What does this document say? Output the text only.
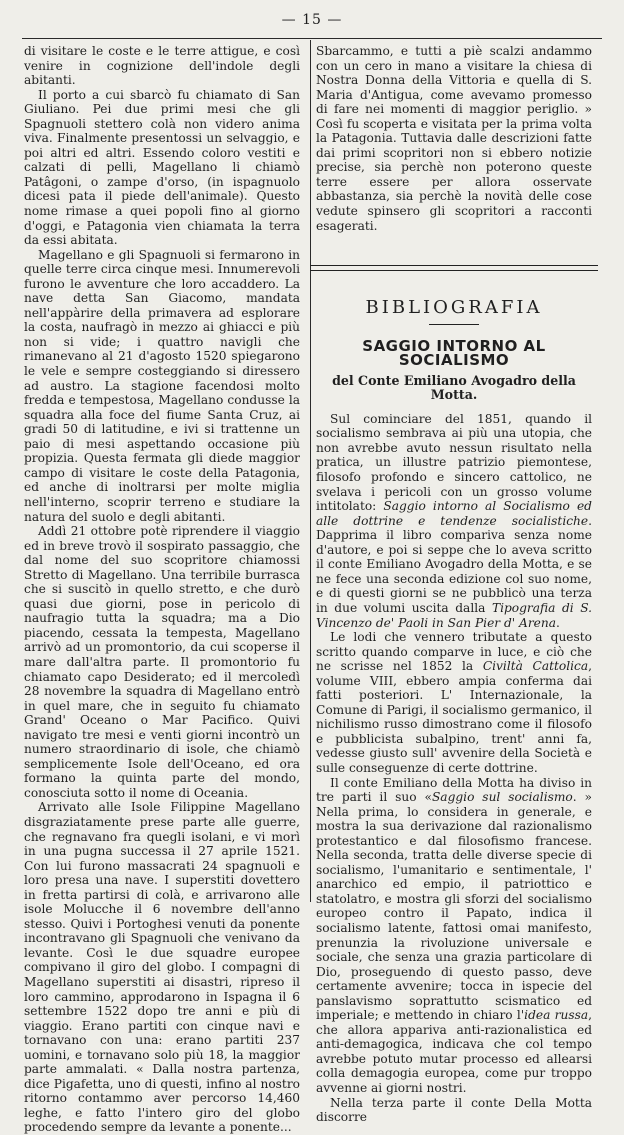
— 15 —

di visitare le coste e le terre attigue, e così venire in cognizione dell'indole degli abitanti.

Il porto a cui sbarcò fu chiamato di San Giuliano. Pei due primi mesi che gli Spagnuoli stettero colà non videro anima viva. Finalmente presentossi un selvaggio, e poi altri ed altri. Essendo coloro vestiti e calzati di pelli, Magellano li chiamò Patâgoni, o zampe d'orso, (in ispagnuolo dicesi pata il piede dell'animale). Questo nome rimase a quei popoli fino al giorno d'oggi, e Patagonia vien chiamata la terra da essi abitata.

Magellano e gli Spagnuoli si fermarono in quelle terre circa cinque mesi. Innumerevoli furono le avventure che loro accaddero. La nave detta San Giacomo, mandata nell'appàrire della primavera ad esplorare la costa, naufragò in mezzo ai ghiacci e più non si vide; i quattro navigli che rimanevano al 21 d'agosto 1520 spiegarono le vele e sempre costeggiando si diressero ad austro. La stagione facendosi molto fredda e tempestosa, Magellano condusse la squadra alla foce del fiume Santa Cruz, ai gradi 50 di latitudine, e ivi si trattenne un paio di mesi aspettando occasione più propizia. Questa fermata gli diede maggior campo di visitare le coste della Patagonia, ed anche di inoltrarsi per molte miglia nell'interno, scoprir terreno e studiare la natura del suolo e degli abitanti.

Addì 21 ottobre potè riprendere il viaggio ed in breve trovò il sospirato passaggio, che dal nome del suo scopritore chiamossi Stretto di Magellano. Una terribile burrasca che si suscitò in quello stretto, e che durò quasi due giorni, pose in pericolo di naufragio tutta la squadra; ma a Dio piacendo, cessata la tempesta, Magellano arrivò ad un promontorio, da cui scoperse il mare dall'altra parte. Il promontorio fu chiamato capo Desiderato; ed il mercoledì 28 novembre la squadra di Magellano entrò in quel mare, che in seguito fu chiamato Grand' Oceano o Mar Pacifico. Quivi navigato tre mesi e venti giorni incontrò un numero straordinario di isole, che chiamò semplicemente Isole dell'Oceano, ed ora formano la quinta parte del mondo, conosciuta sotto il nome di Oceania.

Arrivato alle Isole Filippine Magellano disgraziatamente prese parte alle guerre, che regnavano fra quegli isolani, e vi morì in una pugna successa il 27 aprile 1521. Con lui furono massacrati 24 spagnuoli e loro presa una nave. I superstiti dovettero in fretta partirsi di colà, e arrivarono alle isole Molucche il 6 novembre dell'anno stesso. Quivi i Portoghesi venuti da ponente incontravano gli Spagnuoli che venivano da levante. Così le due squadre europee compivano il giro del globo. I compagni di Magellano superstiti ai disastri, ripreso il loro cammino, approdarono in Ispagna il 6 settembre 1522 dopo tre anni e più di viaggio. Erano partiti con cinque navi e tornavano con una: erano partiti 237 uomini, e tornavano solo più 18, la maggior parte ammalati. « Dalla nostra partenza, dice Pigafetta, uno di questi, infino al nostro ritorno contammo aver percorso 14,460 leghe, e fatto l'intero giro del globo procedendo sempre da levante a ponente...

Sbarcammo, e tutti a piè scalzi andammo con un cero in mano a visitare la chiesa di Nostra Donna della Vittoria e quella di S. Maria d'Antigua, come avevamo promesso di fare nei momenti di maggior periglio. » Così fu scoperta e visitata per la prima volta la Patagonia. Tuttavia dalle descrizioni fatte dai primi scopritori non si ebbero notizie precise, sia perchè non poterono queste terre essere per allora osservate abbastanza, sia perchè la novità delle cose vedute spinsero gli scopritori a racconti esagerati.

BIBLIOGRAFIA
SAGGIO INTORNO AL SOCIALISMO
del Conte Emiliano Avogadro della Motta.

Sul cominciare del 1851, quando il socialismo sembrava ai più una utopia, che non avrebbe avuto nessun risultato nella pratica, un illustre patrizio piemontese, filosofo profondo e sincero cattolico, ne svelava i pericoli con un grosso volume intitolato: Saggio intorno al Socialismo ed alle dottrine e tendenze socialistiche. Dapprima il libro compariva senza nome d'autore, e poi si seppe che lo aveva scritto il conte Emiliano Avogadro della Motta, e se ne fece una seconda edizione col suo nome, e di questi giorni se ne pubblicò una terza in due volumi uscita dalla Tipografia di S. Vincenzo de' Paoli in San Pier d' Arena.

Le lodi che vennero tributate a questo scritto quando comparve in luce, e ciò che ne scrisse nel 1852 la Civiltà Cattolica, volume VIII, ebbero ampia conferma dai fatti posteriori. L' Internazionale, la Comune di Parigi, il socialismo germanico, il nichilismo russo dimostrano come il filosofo e pubblicista subalpino, trent' anni fa, vedesse giusto sull' avvenire della Società e sulle conseguenze di certe dottrine.

Il conte Emiliano della Motta ha diviso in tre parti il suo «Saggio sul socialismo. » Nella prima, lo considera in generale, e mostra la sua derivazione dal razionalismo protestantico e dal filosofismo francese. Nella seconda, tratta delle diverse specie di socialismo, l'umanitario e sentimentale, l' anarchico ed empio, il patriottico e statolatro, e mostra gli sforzi del socialismo europeo contro il Papato, indica il socialismo latente, fattosi omai manifesto, prenunzia la rivoluzione universale e sociale, che senza una grazia particolare di Dio, proseguendo di questo passo, deve certamente avvenire; tocca in ispecie del panslavismo soprattutto scismatico ed imperiale; e mettendo in chiaro l'idea russa, che allora appariva anti-razionalistica ed anti-demagogica, indicava che col tempo avrebbe potuto mutar processo ed allearsi colla demagogia europea, come pur troppo avvenne ai giorni nostri.

Nella terza parte il conte Della Motta discorre
